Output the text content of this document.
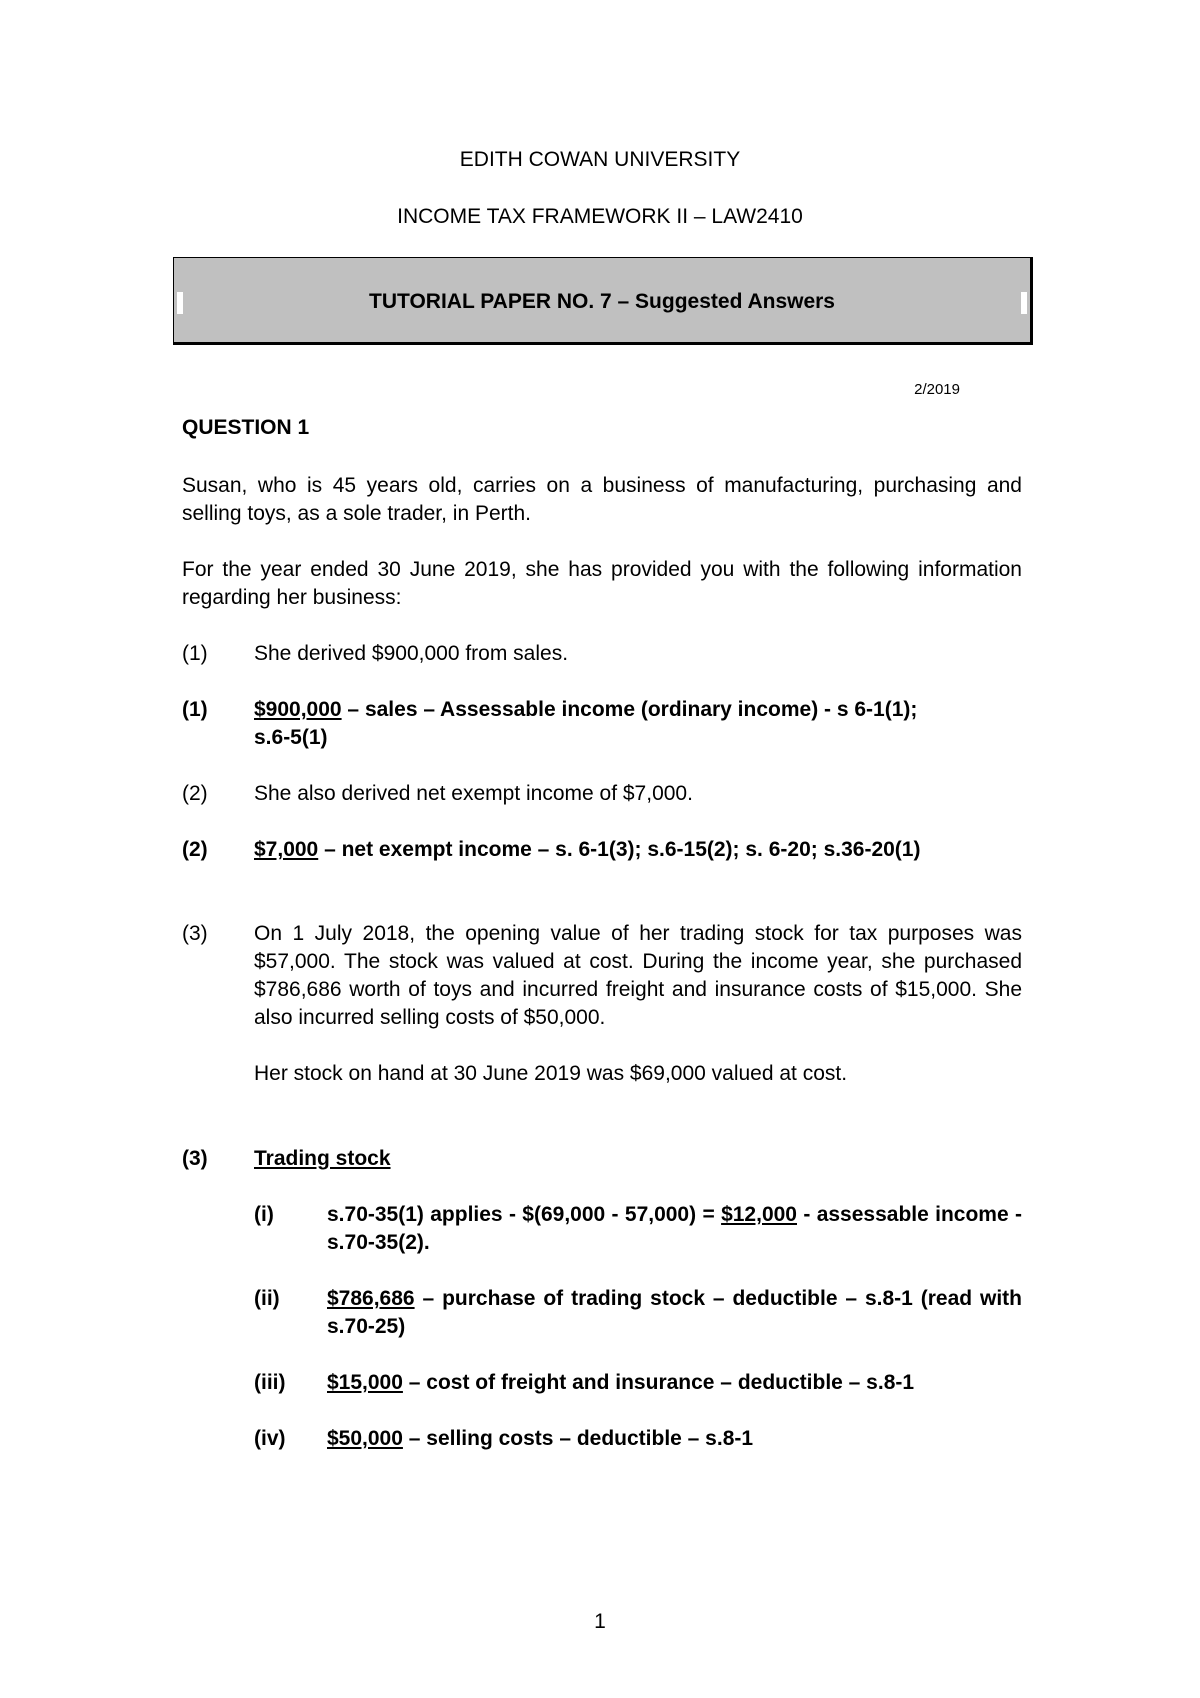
EDITH COWAN UNIVERSITY
INCOME TAX FRAMEWORK II – LAW2410
TUTORIAL PAPER NO. 7 – Suggested Answers
2/2019
QUESTION 1
Susan, who is 45 years old, carries on a business of manufacturing, purchasing and selling toys, as a sole trader, in Perth.
For the year ended 30 June 2019, she has provided you with the following information regarding her business:
(1) She derived $900,000 from sales.
(1) $900,000 – sales – Assessable income (ordinary income) - s 6-1(1); s.6-5(1)
(2) She also derived net exempt income of $7,000.
(2) $7,000 – net exempt income – s. 6-1(3); s.6-15(2); s. 6-20; s.36-20(1)
(3) On 1 July 2018, the opening value of her trading stock for tax purposes was $57,000. The stock was valued at cost. During the income year, she purchased $786,686 worth of toys and incurred freight and insurance costs of $15,000. She also incurred selling costs of $50,000.
Her stock on hand at 30 June 2019 was $69,000 valued at cost.
(3) Trading stock
(i)	s.70-35(1) applies - $(69,000 - 57,000) = $12,000 - assessable income - s.70-35(2).
(ii) $786,686 – purchase of trading stock – deductible – s.8-1 (read with s.70-25)
(iii) $15,000 – cost of freight and insurance – deductible – s.8-1
(iv) $50,000 – selling costs – deductible – s.8-1
1
